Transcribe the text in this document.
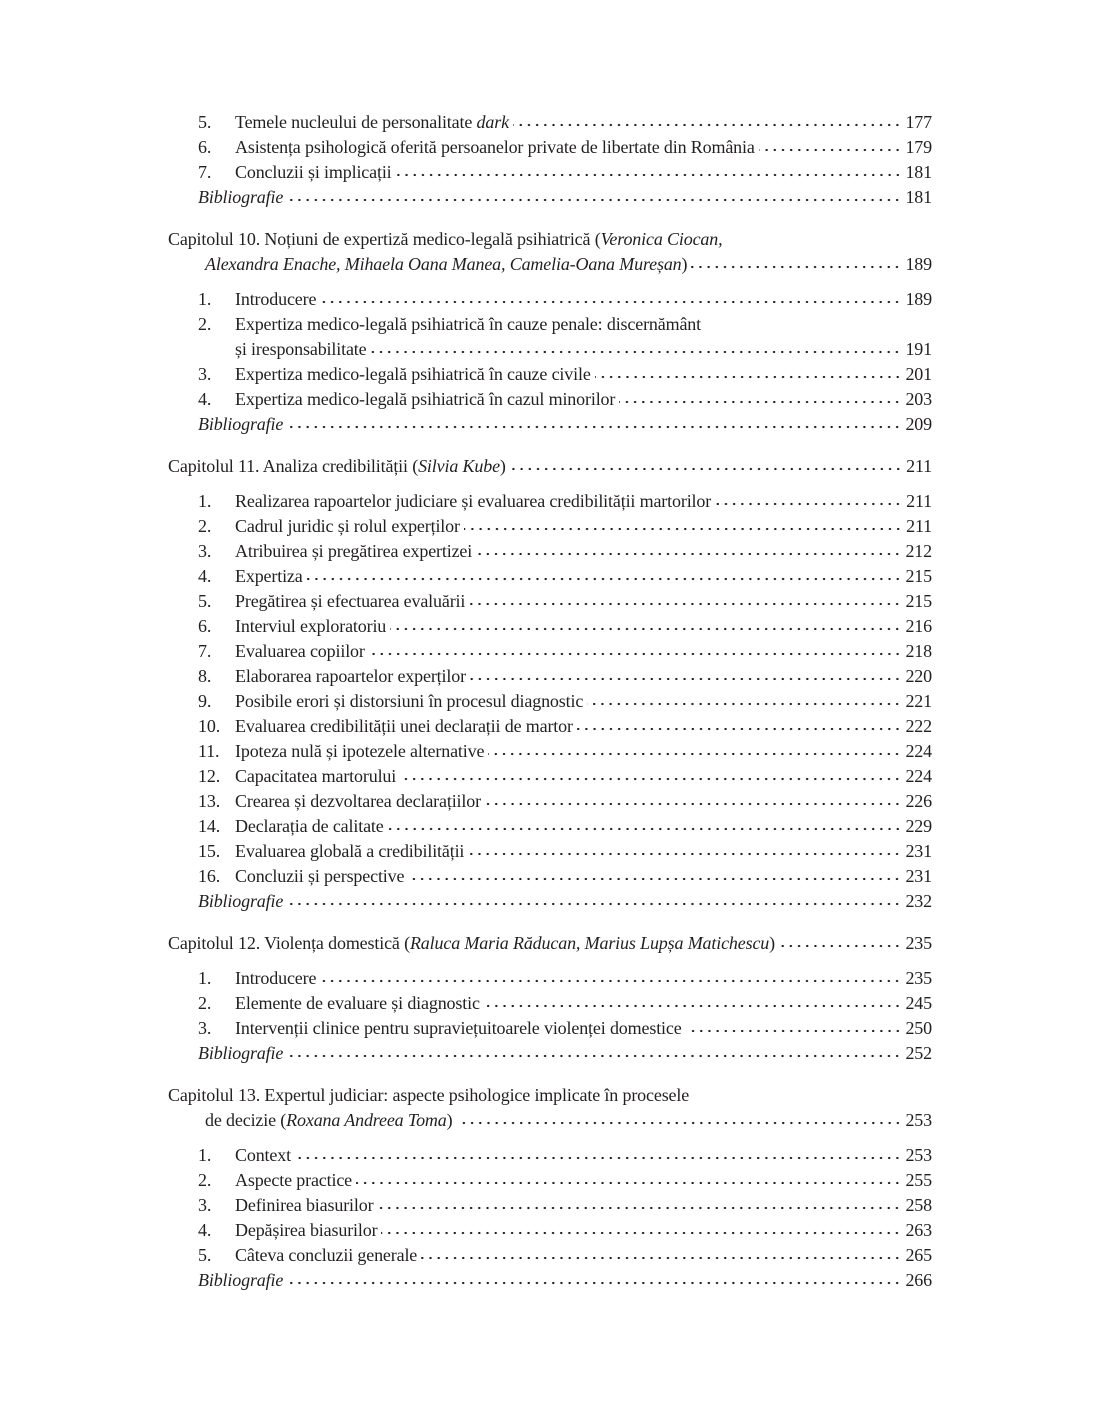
5.	Temele nucleului de personalitate dark	177
6.	Asistența psihologică oferită persoanelor private de libertate din România	179
7.	Concluzii și implicații	181
Bibliografie	181
Capitolul 10. Noțiuni de expertiză medico-legală psihiatrică (Veronica Ciocan,
Alexandra Enache, Mihaela Oana Manea, Camelia-Oana Mureșan)	189
1.	Introducere	189
2.	Expertiza medico-legală psihiatrică în cauze penale: discernământ
și iresponsabilitate	191
3.	Expertiza medico-legală psihiatrică în cauze civile	201
4.	Expertiza medico-legală psihiatrică în cazul minorilor	203
Bibliografie	209
Capitolul 11. Analiza credibilității (Silvia Kube)	211
1.	Realizarea rapoartelor judiciare și evaluarea credibilității martorilor	211
2.	Cadrul juridic și rolul experților	211
3.	Atribuirea și pregătirea expertizei	212
4.	Expertiza	215
5.	Pregătirea și efectuarea evaluării	215
6.	Interviul exploratoriu	216
7.	Evaluarea copiilor	218
8.	Elaborarea rapoartelor experților	220
9.	Posibile erori și distorsiuni în procesul diagnostic	221
10. Evaluarea credibilității unei declarații de martor	222
11. Ipoteza nulă și ipotezele alternative	224
12. Capacitatea martorului	224
13. Crearea și dezvoltarea declarațiilor	226
14. Declarația de calitate	229
15. Evaluarea globală a credibilității	231
16. Concluzii și perspective	231
Bibliografie	232
Capitolul 12. Violența domestică (Raluca Maria Răducan, Marius Lupșa Matichescu)	235
1.	Introducere	235
2.	Elemente de evaluare și diagnostic	245
3.	Intervenții clinice pentru supraviețuitoarele violenței domestice	250
Bibliografie	252
Capitolul 13. Expertul judiciar: aspecte psihologice implicate în procesele
de decizie (Roxana Andreea Toma)	253
1.	Context	253
2.	Aspecte practice	255
3.	Definirea biasurilor	258
4.	Depășirea biasurilor	263
5.	Câteva concluzii generale	265
Bibliografie	266
